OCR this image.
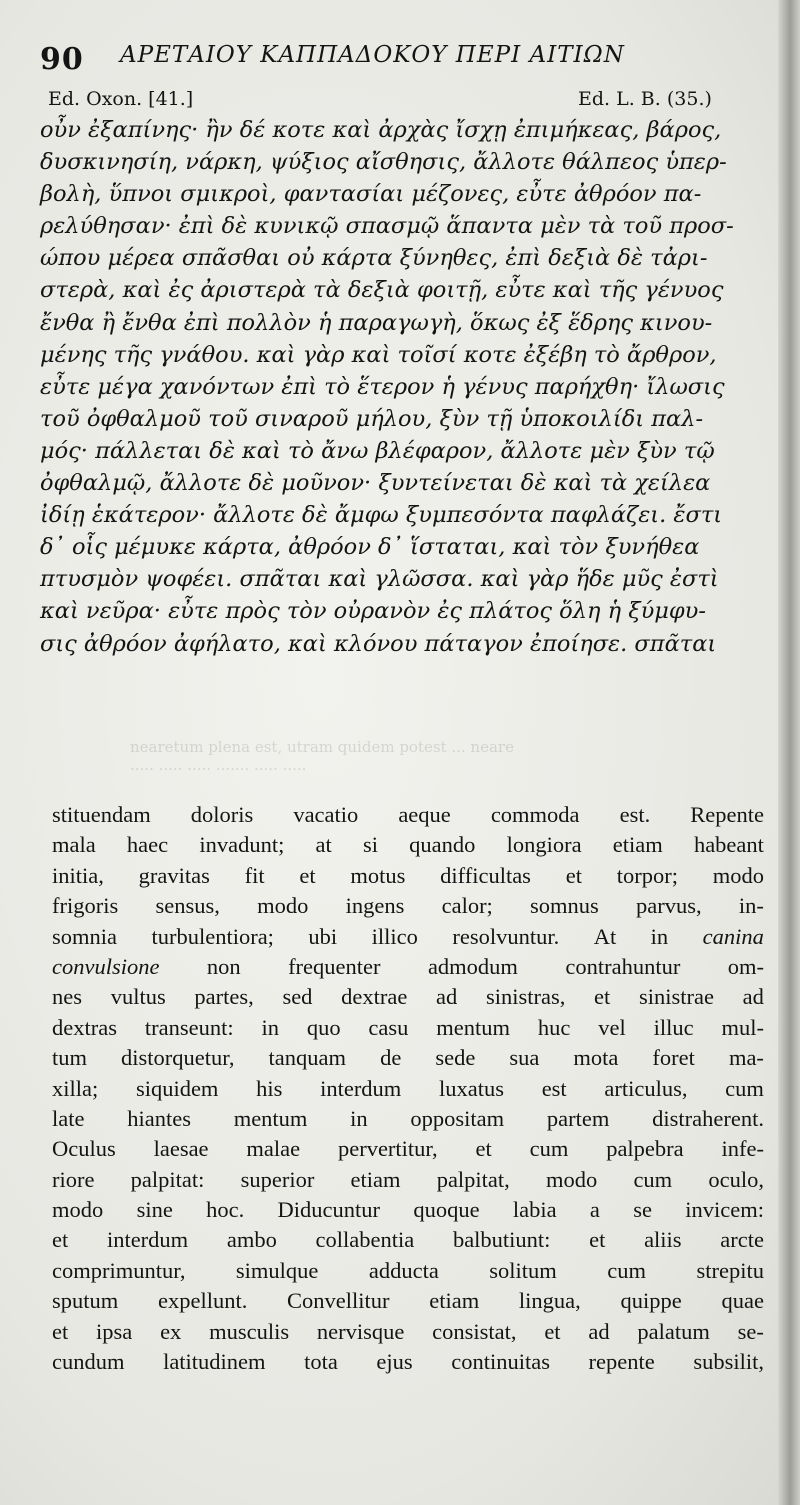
90 ΑΡΕΤΑΙΟΥ ΚΑΠΠΑΔΟΚΟΥ ΠΕΡΙ ΑΙΤΙΩΝ
Ed. Oxon. [41.]	Ed. L. B. (35.)
οὖν ἐξαπίνης· ἢν δέ κοτε καὶ ἀρχὰς ἴσχῃ ἐπιμήκεας, βάρος,
δυσκινησίη, νάρκη, ψύξιος αἴσθησις, ἄλλοτε θάλπεος ὑπερ-
βολὴ, ὕπνοι σμικροὶ, φαντασίαι μέζονες, εὖτε ἀθρόον πα-
ρελύθησαν· ἐπὶ δὲ κυνικῷ σπασμῷ ἅπαντα μὲν τὰ τοῦ προσ-
ώπου μέρεα σπᾶσθαι οὐ κάρτα ξύνηθες, ἐπὶ δεξιὰ δὲ τἀρι-
στερὰ, καὶ ἐς ἀριστερὰ τὰ δεξιὰ φοιτῇ, εὖτε καὶ τῆς γένυος
ἔνθα ἢ ἔνθα ἐπὶ πολλὸν ἡ παραγωγὴ, ὅκως ἐξ ἕδρης κινου-
μένης τῆς γνάθου. καὶ γὰρ καὶ τοῖσί κοτε ἐξέβη τὸ ἄρθρον,
εὖτε μέγα χανόντων ἐπὶ τὸ ἕτερον ἡ γένυς παρήχθη· ἴλωσις
τοῦ ὀφθαλμοῦ τοῦ σιναροῦ μήλου, ξὺν τῇ ὑποκοιλίδι παλ-
μός· πάλλεται δὲ καὶ τὸ ἄνω βλέφαρον, ἄλλοτε μὲν ξὺν τῷ
ὀφθαλμῷ, ἄλλοτε δὲ μοῦνον· ξυντείνεται δὲ καὶ τὰ χείλεα
ἰδίῃ ἑκάτερον· ἄλλοτε δὲ ἄμφω ξυμπεσόντα παφλάζει. ἔστι
δ᾽ οἷς μέμυκε κάρτα, ἀθρόον δ᾽ ἵσταται, καὶ τὸν ξυνήθεα
πτυσμὸν ψοφέει. σπᾶται καὶ γλῶσσα. καὶ γὰρ ἥδε μῦς ἐστὶ
καὶ νεῦρα· εὖτε πρὸς τὸν οὐρανὸν ἐς πλάτος ὅλη ἡ ξύμφυ-
σις ἀθρόον ἀφήλατο, καὶ κλόνου πάταγον ἐποίησε. σπᾶται
nearetum plena est, utram quidem potest ... neare
..... ..... ..... ....... ..... .....
stituendam doloris vacatio aeque commoda est. Repente
mala haec invadunt; at si quando longiora etiam habeant
initia, gravitas fit et motus difficultas et torpor; modo
frigoris sensus, modo ingens calor; somnus parvus, in-
somnia turbulentiora; ubi illico resolvuntur. At in canina
convulsione non frequenter admodum contrahuntur om-
nes vultus partes, sed dextrae ad sinistras, et sinistrae ad
dextras transeunt: in quo casu mentum huc vel illuc mul-
tum distorquetur, tanquam de sede sua mota foret ma-
xilla; siquidem his interdum luxatus est articulus, cum
late hiantes mentum in oppositam partem distraherent.
Oculus laesae malae pervertitur, et cum palpebra infe-
riore palpitat: superior etiam palpitat, modo cum oculo,
modo sine hoc. Diducuntur quoque labia a se invicem:
et interdum ambo collabentia balbutiunt: et aliis arcte
comprimuntur, simulque adducta solitum cum strepitu
sputum expellunt. Convellitur etiam lingua, quippe quae
et ipsa ex musculis nervisque consistat, et ad palatum se-
cundum latitudinem tota ejus continuitas repente subsilit,
